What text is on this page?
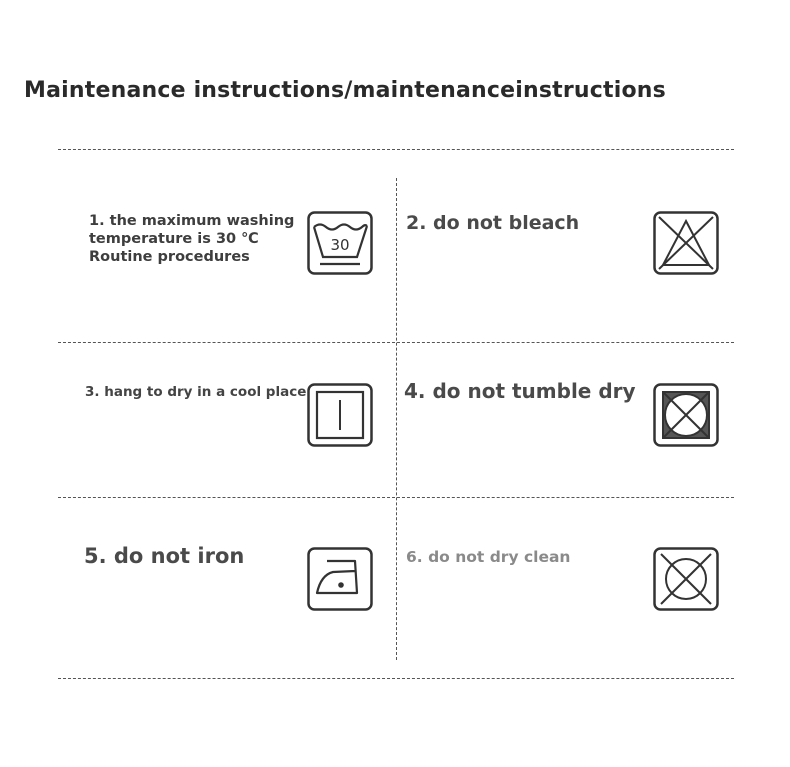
Maintenance instructions/maintenanceinstructions
1. the maximum washing temperature is 30 ℃ Routine procedures
30
2. do not bleach
3. hang to dry in a cool place	4. do not tumble dry
5. do not iron	6. do not dry clean
